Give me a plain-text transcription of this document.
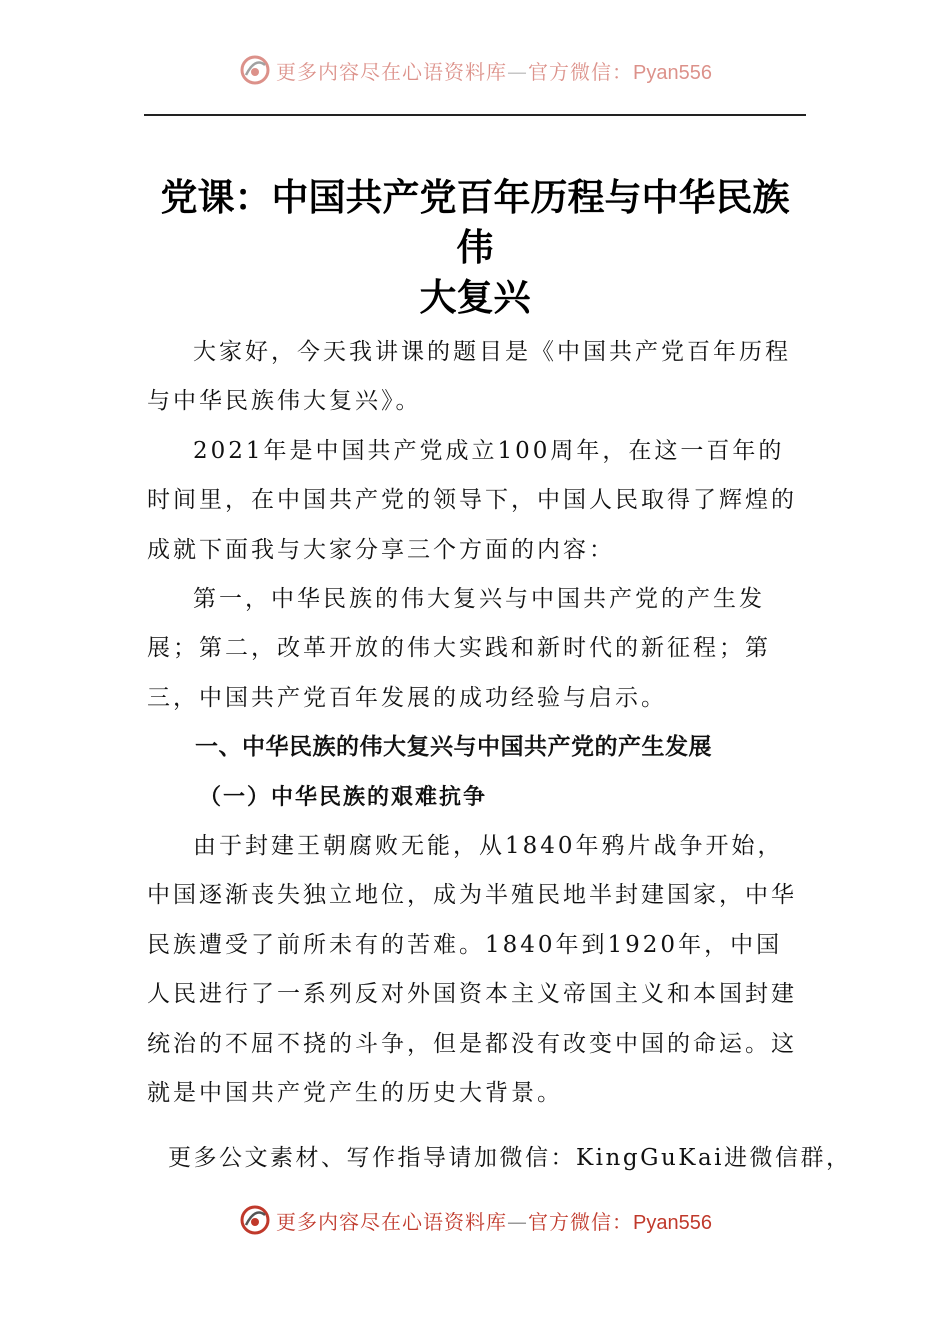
更多内容尽在心语资料库—官方微信：Pyan556
党课：中国共产党百年历程与中华民族伟
大复兴

大家好，今天我讲课的题目是《中国共产党百年历程与中华民族伟大复兴》。

2021年是中国共产党成立100周年，在这一百年的时间里，在中国共产党的领导下，中国人民取得了辉煌的成就下面我与大家分享三个方面的内容：

第一，中华民族的伟大复兴与中国共产党的产生发展；第二，改革开放的伟大实践和新时代的新征程；第三，中国共产党百年发展的成功经验与启示。

一、中华民族的伟大复兴与中国共产党的产生发展
（一）中华民族的艰难抗争

由于封建王朝腐败无能，从1840年鸦片战争开始，中国逐渐丧失独立地位，成为半殖民地半封建国家，中华民族遭受了前所未有的苦难。1840年到1920年，中国人民进行了一系列反对外国资本主义帝国主义和本国封建统治的不屈不挠的斗争，但是都没有改变中国的命运。这就是中国共产党产生的历史大背景。

更多公文素材、写作指导请加微信：KingGuKai进微信群，
更多内容尽在心语资料库—官方微信：Pyan556
